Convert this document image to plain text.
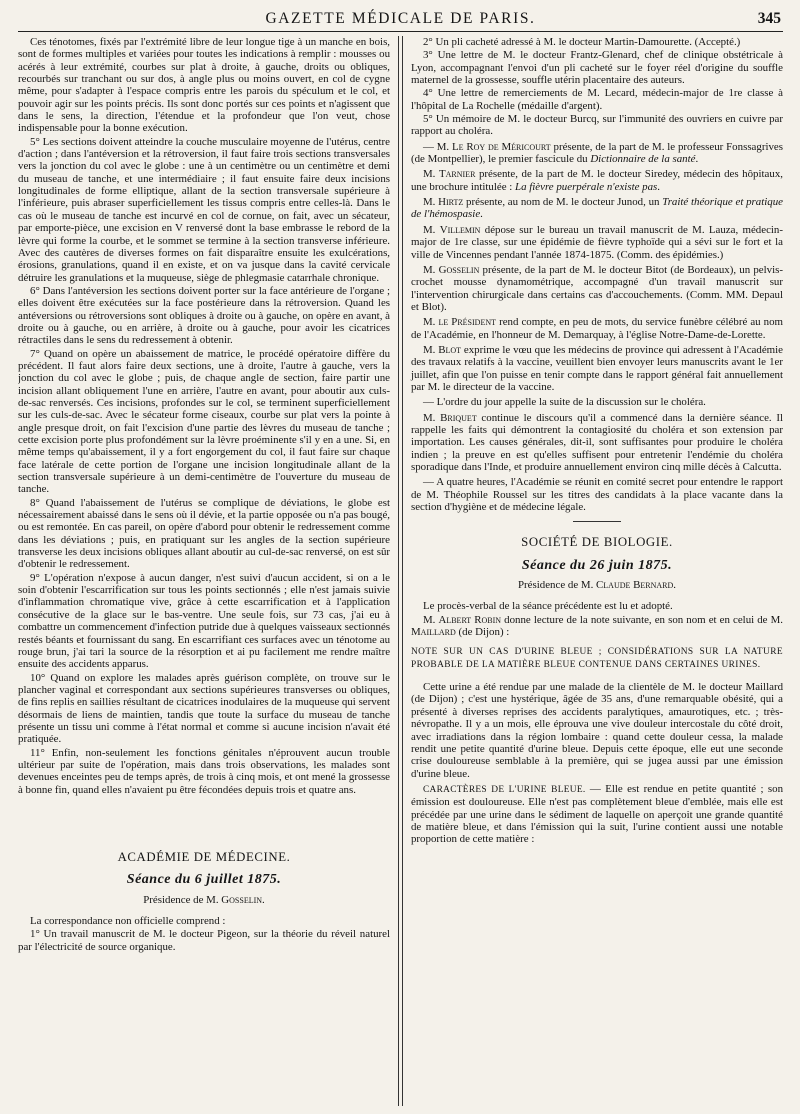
GAZETTE MÉDICALE DE PARIS.	345

Ces ténotomes, fixés par l'extrémité libre de leur longue tige à un manche en bois, sont de formes multiples et variées pour toutes les indications à remplir : mousses ou acérés à leur extrémité, courbes sur plat à droite, à gauche, droits ou obliques, recourbés sur tranchant ou sur dos, à angle plus ou moins ouvert, en col de cygne même, pour s'adapter à l'espace compris entre les parois du spéculum et le col, et pouvoir agir sur les points précis. Ils sont donc portés sur ces points et n'agissent que dans le sens, la direction, l'étendue et la profondeur que l'on veut, chose indispensable pour la bonne exécution.

5° Les sections doivent atteindre la couche musculaire moyenne de l'utérus, centre d'action ; dans l'antéversion et la rétroversion, il faut faire trois sections transversales vers la jonction du col avec le globe : une à un centimètre ou un centimètre et demi du museau de tanche, et une intermédiaire ; il faut ensuite faire deux incisions longitudinales de forme elliptique, allant de la section transversale supérieure à l'inférieure, puis abraser superficiellement les tissus compris entre celles-là. Dans le cas où le museau de tanche est incurvé en col de cornue, on fait, avec un sécateur, par emporte-pièce, une excision en V renversé dont la base embrasse le rebord de la lèvre qui forme la courbe, et le sommet se termine à la section transverse inférieure. Avec des cautères de diverses formes on fait disparaître ensuite les exulcérations, érosions, granulations, quand il en existe, et on va jusque dans la cavité cervicale détruire les granulations et la muqueuse, siège de phlegmasie catarrhale chronique.

6° Dans l'antéversion les sections doivent porter sur la face antérieure de l'organe ; elles doivent être exécutées sur la face postérieure dans la rétroversion. Quand les antéversions ou rétroversions sont obliques à droite ou à gauche, on opère en avant, à droite ou à gauche, ou en arrière, à droite ou à gauche, pour avoir les cicatrices rétractiles dans le sens du redressement à obtenir.

7° Quand on opère un abaissement de matrice, le procédé opératoire diffère du précédent. Il faut alors faire deux sections, une à droite, l'autre à gauche, vers la jonction du col avec le globe ; puis, de chaque angle de section, faire partir une incision allant obliquement l'une en arrière, l'autre en avant, pour aboutir aux culs-de-sac renversés. Ces incisions, profondes sur le col, se terminent superficiellement sur les culs-de-sac. Avec le sécateur forme ciseaux, courbe sur plat vers la pointe à angle presque droit, on fait l'excision d'une partie des lèvres du museau de tanche ; cette excision porte plus profondément sur la lèvre proéminente s'il y en a une. Si, en même temps qu'abaissement, il y a fort engorgement du col, il faut faire sur chaque face latérale de cette portion de l'organe une incision longitudinale allant de la section transversale supérieure à un demi-centimètre de l'ouverture du museau de tanche.

8° Quand l'abaissement de l'utérus se complique de déviations, le globe est nécessairement abaissé dans le sens où il dévie, et la partie opposée ou n'a pas bougé, ou est remontée. En cas pareil, on opère d'abord pour obtenir le redressement comme dans les déviations ; puis, en pratiquant sur les angles de la section supérieure transverse les deux incisions obliques allant aboutir au cul-de-sac renversé, on est sûr d'obtenir le redressement.

9° L'opération n'expose à aucun danger, n'est suivi d'aucun accident, si on a le soin d'obtenir l'escarrification sur tous les points sectionnés ; elle n'est jamais suivie d'inflammation chromatique vive, grâce à cette escarrification et à l'application consécutive de la glace sur le bas-ventre. Une seule fois, sur 73 cas, j'ai eu à combattre un commencement d'infection putride due à quelques vaisseaux sectionnés restés béants et fournissant du sang. En escarrifiant ces surfaces avec un ténotome au rouge brun, j'ai tari la source de la résorption et ai pu facilement me rendre maître ensuite des accidents apparus.

10° Quand on explore les malades après guérison complète, on trouve sur le plancher vaginal et correspondant aux sections supérieures transverses ou obliques, de fins replis en saillies résultant de cicatrices inodulaires de la muqueuse qui servent désormais de liens de maintien, tandis que toute la surface du museau de tanche présente un tissu uni comme à l'état normal et comme si aucune incision n'avait été pratiquée.

11° Enfin, non-seulement les fonctions génitales n'éprouvent aucun trouble ultérieur par suite de l'opération, mais dans trois observations, les malades sont devenues enceintes peu de temps après, de trois à cinq mois, et ont mené la grossesse à bonne fin, quand elles n'avaient pu être fécondées depuis trois et quatre ans.

ACADÉMIE DE MÉDECINE.
Séance du 6 juillet 1875.

Présidence de M. Gosselin.

La correspondance non officielle comprend :

1° Un travail manuscrit de M. le docteur Pigeon, sur la théorie du réveil naturel par l'électricité de source organique.

2° Un pli cacheté adressé à M. le docteur Martin-Damourette. (Accepté.)

3° Une lettre de M. le docteur Frantz-Glenard, chef de clinique obstétricale à Lyon, accompagnant l'envoi d'un pli cacheté sur le foyer réel d'origine du souffle maternel de la grossesse, souffle utérin placentaire des auteurs.

4° Une lettre de remerciements de M. Lecard, médecin-major de 1re classe à l'hôpital de La Rochelle (médaille d'argent).

5° Un mémoire de M. le docteur Burcq, sur l'immunité des ouvriers en cuivre par rapport au choléra.

— M. Le Roy de Méricourt présente, de la part de M. le professeur Fonssagrives (de Montpellier), le premier fascicule du Dictionnaire de la santé.

M. Tarnier présente, de la part de M. le docteur Siredey, médecin des hôpitaux, une brochure intitulée : La fièvre puerpérale n'existe pas.

M. Hirtz présente, au nom de M. le docteur Junod, un Traité théorique et pratique de l'hémospasie.

M. Villemin dépose sur le bureau un travail manuscrit de M. Lauza, médecin-major de 1re classe, sur une épidémie de fièvre typhoïde qui a sévi sur le fort et la ville de Vincennes pendant l'année 1874-1875. (Comm. des épidémies.)

M. Gosselin présente, de la part de M. le docteur Bitot (de Bordeaux), un pelvis-crochet mousse dynamométrique, accompagné d'un travail manuscrit sur l'intervention chirurgicale dans certains cas d'accouchements. (Comm. MM. Depaul et Blot).

M. le Président rend compte, en peu de mots, du service funèbre célébré au nom de l'Académie, en l'honneur de M. Demarquay, à l'église Notre-Dame-de-Lorette.

M. Blot exprime le vœu que les médecins de province qui adressent à l'Académie des travaux relatifs à la vaccine, veuillent bien envoyer leurs manuscrits avant le 1er juillet, afin que l'on puisse en tenir compte dans le rapport général fait annuellement par M. le directeur de la vaccine.

— L'ordre du jour appelle la suite de la discussion sur le choléra.

M. Briquet continue le discours qu'il a commencé dans la dernière séance. Il rappelle les faits qui démontrent la contagiosité du choléra et son extension par importation. Les causes générales, dit-il, sont suffisantes pour produire le choléra indien ; la preuve en est qu'elles suffisent pour entretenir l'endémie du choléra sporadique dans l'Inde, et produire annuellement environ cinq mille décès à Calcutta.

— A quatre heures, l'Académie se réunit en comité secret pour entendre le rapport de M. Théophile Roussel sur les titres des candidats à la place vacante dans la section d'hygiène et de médecine légale.

SOCIÉTÉ DE BIOLOGIE.
Séance du 26 juin 1875.

Présidence de M. Claude Bernard.

Le procès-verbal de la séance précédente est lu et adopté.

M. Albert Robin donne lecture de la note suivante, en son nom et en celui de M. Maillard (de Dijon) :

NOTE SUR UN CAS D'URINE BLEUE ; CONSIDÉRATIONS SUR LA NATURE PROBABLE DE LA MATIÈRE BLEUE CONTENUE DANS CERTAINES URINES.

Cette urine a été rendue par une malade de la clientèle de M. le docteur Maillard (de Dijon) ; c'est une hystérique, âgée de 35 ans, d'une remarquable obésité, qui a présenté à diverses reprises des accidents paralytiques, amaurotiques, etc. ; très-névropathe. Il y a un mois, elle éprouva une vive douleur intercostale du côté droit, avec irradiations dans la région lombaire : quand cette douleur cessa, la malade rendit une petite quantité d'urine bleue. Depuis cette époque, elle eut une seconde crise douloureuse semblable à la première, qui se jugea aussi par une émission d'urine bleue.

CARACTÈRES DE L'URINE BLEUE. — Elle est rendue en petite quantité ; son émission est douloureuse. Elle n'est pas complètement bleue d'emblée, mais elle est précédée par une urine dans le sédiment de laquelle on aperçoit une grande quantité de matière bleue, et dans l'émission qui la suit, l'urine contient aussi une notable proportion de cette matière :
